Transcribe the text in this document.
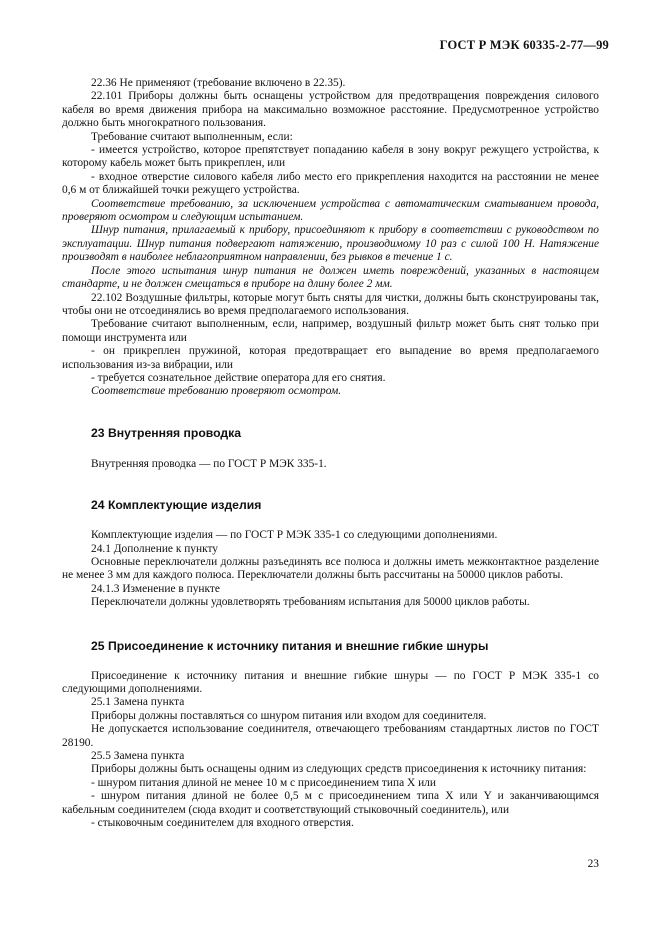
ГОСТ Р МЭК 60335-2-77—99

22.36 Не применяют (требование включено в 22.35).

22.101 Приборы должны быть оснащены устройством для предотвращения повреждения силового кабеля во время движения прибора на максимально возможное расстояние. Предусмотренное устройство должно быть многократного пользования.

Требование считают выполненным, если:

- имеется устройство, которое препятствует попаданию кабеля в зону вокруг режущего устройства, к которому кабель может быть прикреплен, или

- входное отверстие силового кабеля либо место его прикрепления находится на расстоянии не менее 0,6 м от ближайшей точки режущего устройства.

Соответствие требованию, за исключением устройства с автоматическим сматыванием провода, проверяют осмотром и следующим испытанием.

Шнур питания, прилагаемый к прибору, присоединяют к прибору в соответствии с руководством по эксплуатации. Шнур питания подвергают натяжению, производимому 10 раз с силой 100 Н. Натяжение производят в наиболее неблагоприятном направлении, без рывков в течение 1 с.

После этого испытания шнур питания не должен иметь повреждений, указанных в настоящем стандарте, и не должен смещаться в приборе на длину более 2 мм.

22.102 Воздушные фильтры, которые могут быть сняты для чистки, должны быть сконструированы так, чтобы они не отсоединялись во время предполагаемого использования.

Требование считают выполненным, если, например, воздушный фильтр может быть снят только при помощи инструмента или

- он прикреплен пружиной, которая предотвращает его выпадение во время предполагаемого использования из-за вибрации, или

- требуется сознательное действие оператора для его снятия.

Соответствие требованию проверяют осмотром.

23 Внутренняя проводка

Внутренняя проводка — по ГОСТ Р МЭК 335-1.

24 Комплектующие изделия

Комплектующие изделия — по ГОСТ Р МЭК 335-1 со следующими дополнениями.

24.1 Дополнение к пункту

Основные переключатели должны разъединять все полюса и должны иметь межконтактное разделение не менее 3 мм для каждого полюса. Переключатели должны быть рассчитаны на 50000 циклов работы.

24.1.3 Изменение в пункте

Переключатели должны удовлетворять требованиям испытания для 50000 циклов работы.

25 Присоединение к источнику питания и внешние гибкие шнуры

Присоединение к источнику питания и внешние гибкие шнуры — по ГОСТ Р МЭК 335-1 со следующими дополнениями.

25.1 Замена пункта

Приборы должны поставляться со шнуром питания или входом для соединителя.

Не допускается использование соединителя, отвечающего требованиям стандартных листов по ГОСТ 28190.

25.5 Замена пункта

Приборы должны быть оснащены одним из следующих средств присоединения к источнику питания:

- шнуром питания длиной не менее 10 м с присоединением типа X или

- шнуром питания длиной не более 0,5 м с присоединением типа X или Y и заканчивающимся кабельным соединителем (сюда входит и соответствующий стыковочный соединитель), или

- стыковочным соединителем для входного отверстия.

23
